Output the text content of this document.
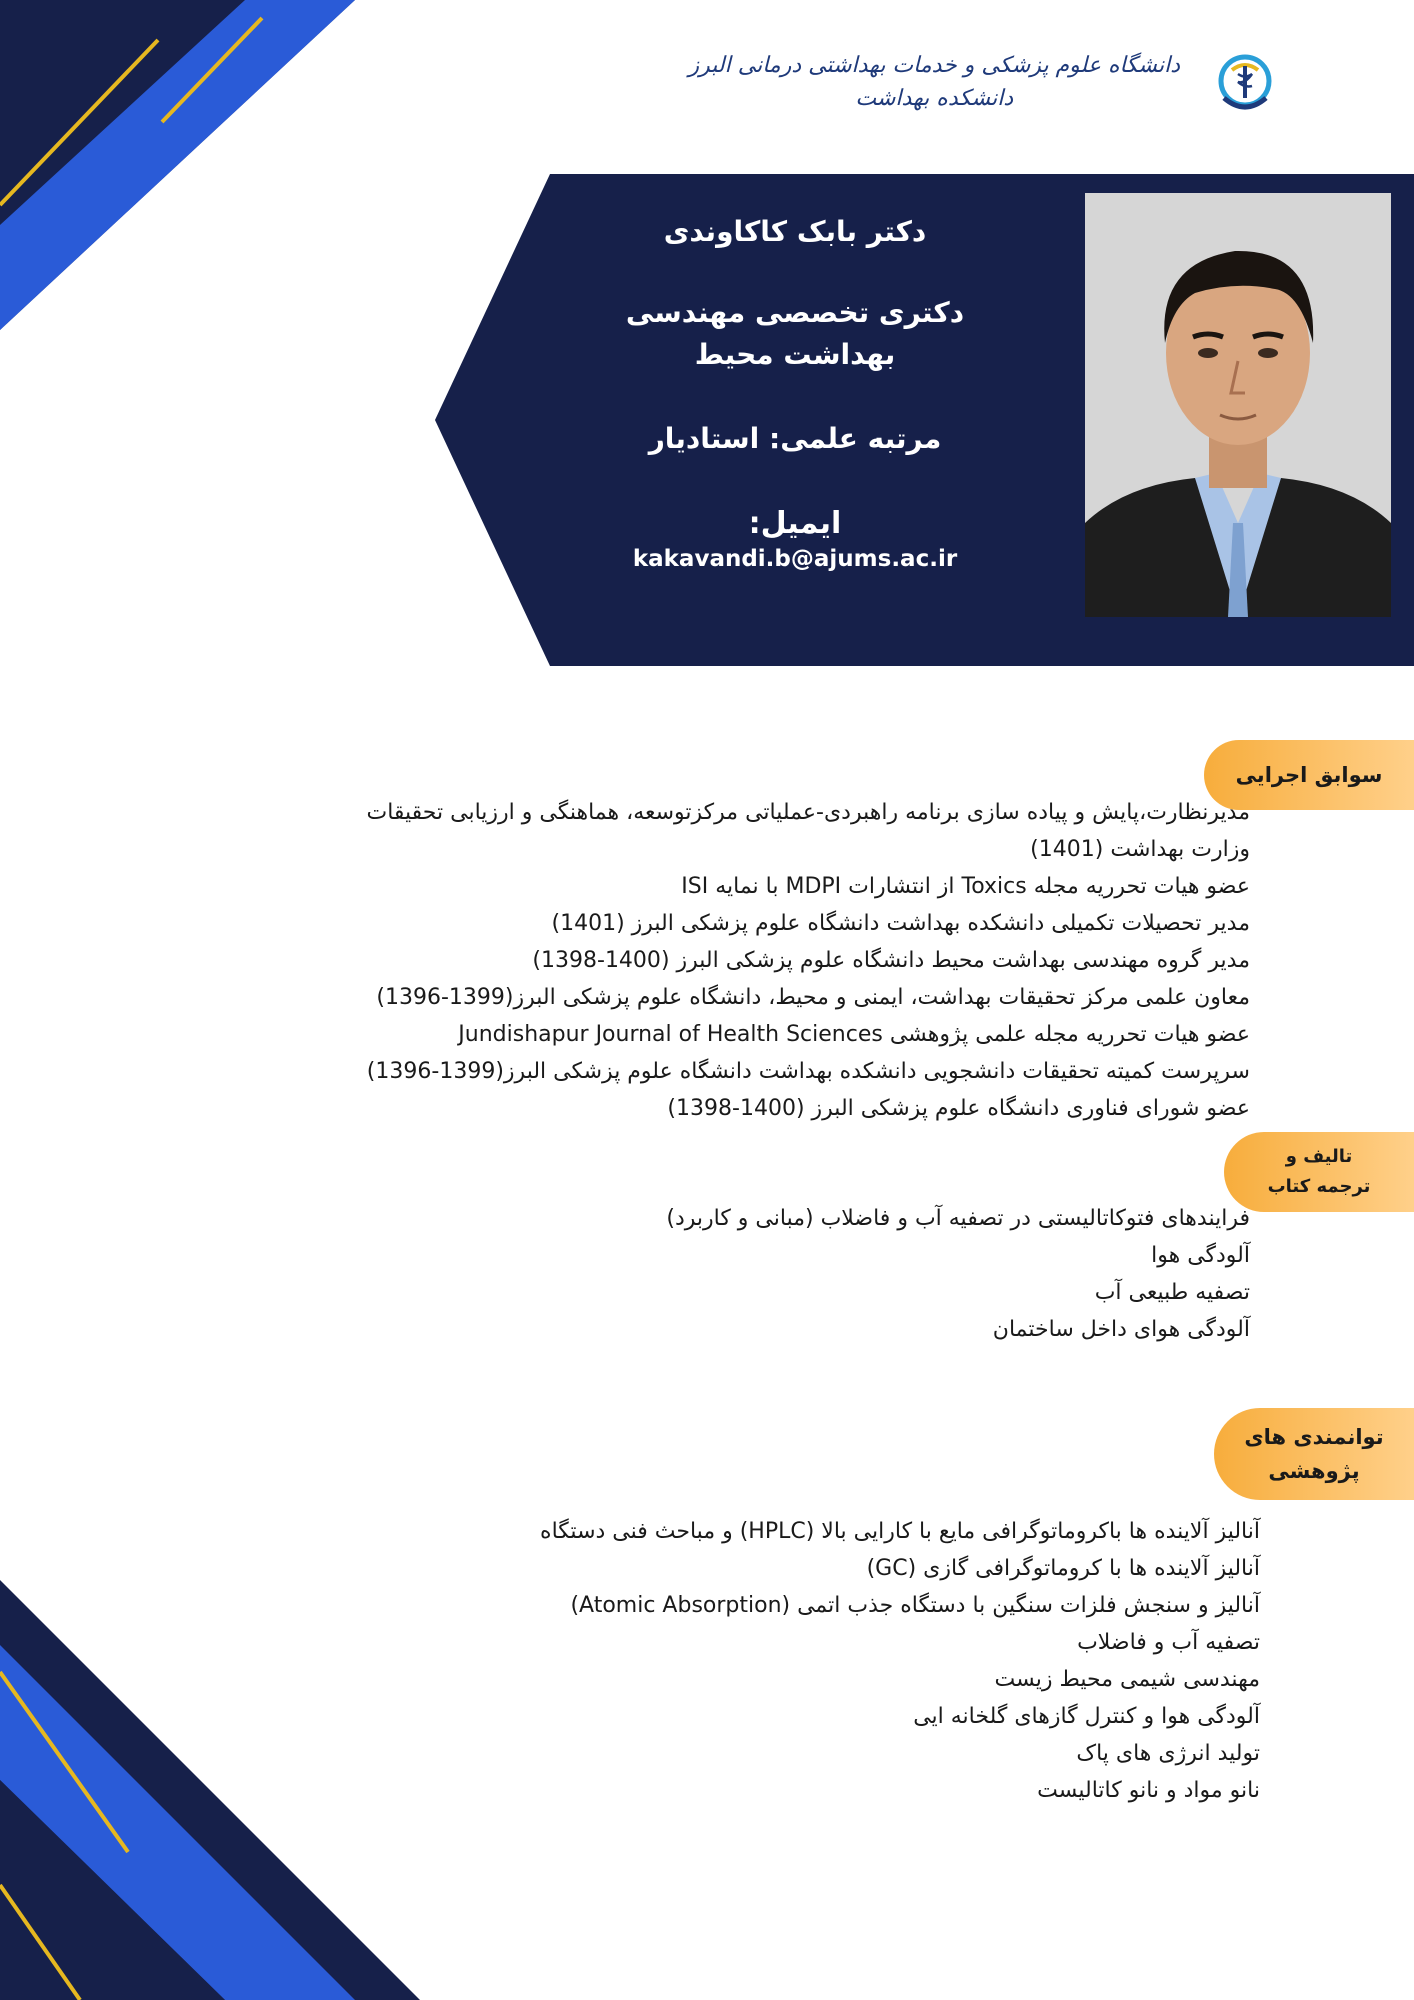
دانشگاه علوم پزشکی و خدمات بهداشتی درمانی البرز
دانشکده بهداشت
دکتر بابک کاکاوندی
دکتری تخصصی مهندسی
بهداشت محیط
مرتبه علمی: استادیار
ایمیل:
kakavandi.b@ajums.ac.ir
سوابق اجرایی
مدیرنظارت،پایش و پیاده سازی برنامه راهبردی-عملیاتی مرکزتوسعه، هماهنگی و ارزیابی تحقیقات
وزارت بهداشت (1401)
عضو هیات تحرریه مجله Toxics از انتشارات MDPI با نمایه ISI
مدیر تحصیلات تکمیلی دانشکده بهداشت دانشگاه علوم پزشکی البرز (1401)
مدیر گروه مهندسی بهداشت محیط دانشگاه علوم پزشکی البرز (1400-1398)
معاون علمی مرکز تحقیقات بهداشت، ایمنی و محیط، دانشگاه علوم پزشکی البرز(1399-1396)
عضو هیات تحرریه مجله علمی پژوهشی Jundishapur Journal of Health Sciences
سرپرست کمیته تحقیقات دانشجویی دانشکده بهداشت دانشگاه علوم پزشکی البرز(1399-1396)
عضو شورای فناوری دانشگاه علوم پزشکی البرز (1400-1398)
تالیف و
ترجمه کتاب
فرایندهای فتوکاتالیستی در تصفیه آب و فاضلاب (مبانی و کاربرد)
آلودگی هوا
تصفیه طبیعی آب
آلودگی هوای داخل ساختمان
توانمندی های
پژوهشی
آنالیز آلاینده ها باکروماتوگرافی مایع با کارایی بالا (HPLC) و مباحث فنی دستگاه
آنالیز آلاینده ها با کروماتوگرافی گازی (GC)
آنالیز و سنجش فلزات سنگین با دستگاه جذب اتمی (Atomic Absorption)
تصفیه آب و فاضلاب
مهندسی شیمی محیط زیست
آلودگی هوا و کنترل گازهای گلخانه ایی
تولید انرژی های پاک
نانو مواد و نانو کاتالیست
